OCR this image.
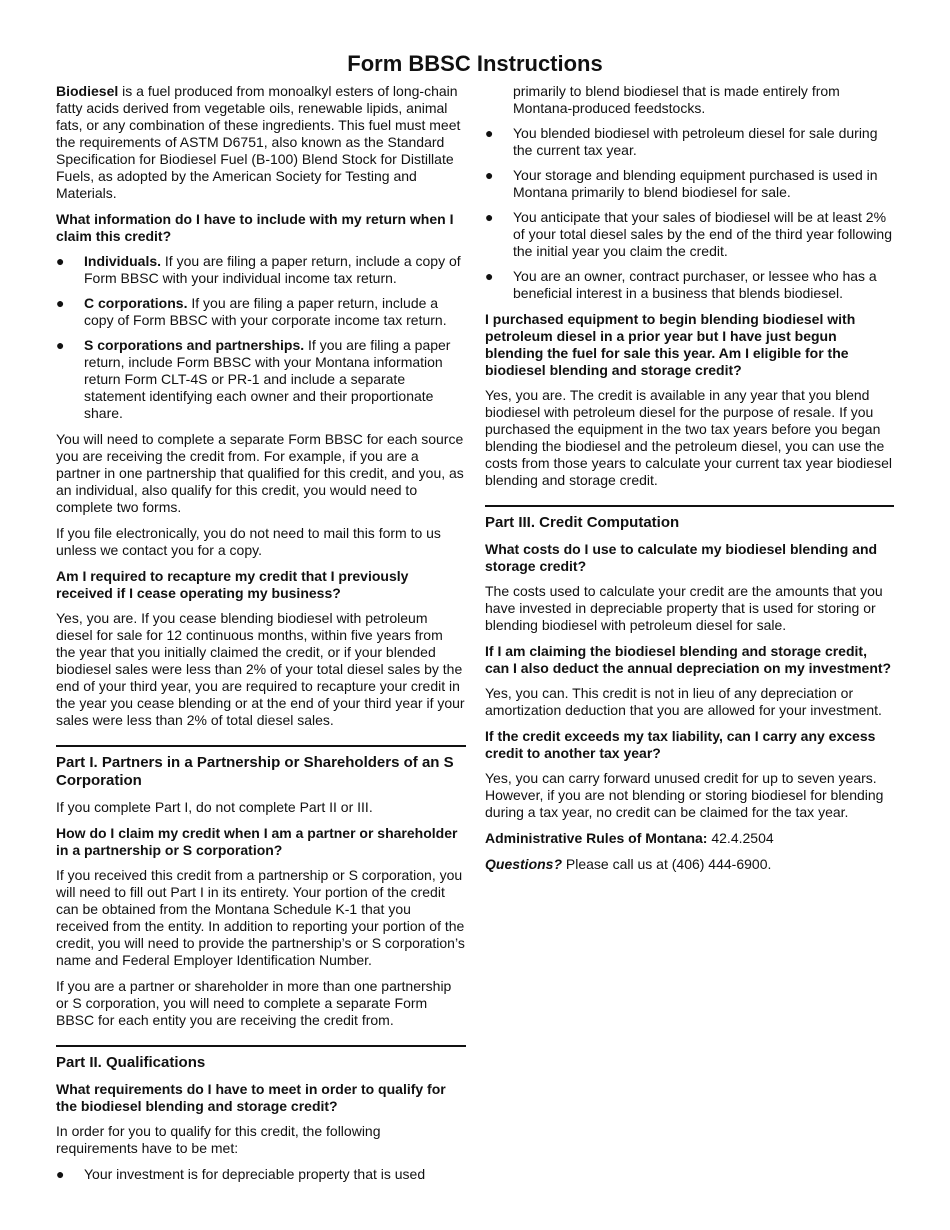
Form BBSC Instructions

Biodiesel is a fuel produced from monoalkyl esters of long-chain fatty acids derived from vegetable oils, renewable lipids, animal fats, or any combination of these ingredients. This fuel must meet the requirements of ASTM D6751, also known as the Standard Specification for Biodiesel Fuel (B-100) Blend Stock for Distillate Fuels, as adopted by the American Society for Testing and Materials.

What information do I have to include with my return when I claim this credit?

●	Individuals. If you are filing a paper return, include a copy of Form BBSC with your individual income tax return.
●	C corporations. If you are filing a paper return, include a copy of Form BBSC with your corporate income tax return.
●	S corporations and partnerships. If you are filing a paper return, include Form BBSC with your Montana information return Form CLT-4S or PR-1 and include a separate statement identifying each owner and their proportionate share.

You will need to complete a separate Form BBSC for each source you are receiving the credit from. For example, if you are a partner in one partnership that qualified for this credit, and you, as an individual, also qualify for this credit, you would need to complete two forms.

If you file electronically, you do not need to mail this form to us unless we contact you for a copy.

Am I required to recapture my credit that I previously received if I cease operating my business?

Yes, you are. If you cease blending biodiesel with petroleum diesel for sale for 12 continuous months, within five years from the year that you initially claimed the credit, or if your blended biodiesel sales were less than 2% of your total diesel sales by the end of your third year, you are required to recapture your credit in the year you cease blending or at the end of your third year if your sales were less than 2% of total diesel sales.

Part I. Partners in a Partnership or Shareholders of an S Corporation

If you complete Part I, do not complete Part II or III.

How do I claim my credit when I am a partner or shareholder in a partnership or S corporation?

If you received this credit from a partnership or S corporation, you will need to fill out Part I in its entirety. Your portion of the credit can be obtained from the Montana Schedule K-1 that you received from the entity. In addition to reporting your portion of the credit, you will need to provide the partnership’s or S corporation’s name and Federal Employer Identification Number.

If you are a partner or shareholder in more than one partnership or S corporation, you will need to complete a separate Form BBSC for each entity you are receiving the credit from.

Part II. Qualifications

What requirements do I have to meet in order to qualify for the biodiesel blending and storage credit?

In order for you to qualify for this credit, the following requirements have to be met:

●	Your investment is for depreciable property that is used
primarily to blend biodiesel that is made entirely from Montana-produced feedstocks.
●	You blended biodiesel with petroleum diesel for sale during the current tax year.
●	Your storage and blending equipment purchased is used in Montana primarily to blend biodiesel for sale.
●	You anticipate that your sales of biodiesel will be at least 2% of your total diesel sales by the end of the third year following the initial year you claim the credit.
●	You are an owner, contract purchaser, or lessee who has a beneficial interest in a business that blends biodiesel.

I purchased equipment to begin blending biodiesel with petroleum diesel in a prior year but I have just begun blending the fuel for sale this year. Am I eligible for the biodiesel blending and storage credit?

Yes, you are. The credit is available in any year that you blend biodiesel with petroleum diesel for the purpose of resale. If you purchased the equipment in the two tax years before you began blending the biodiesel and the petroleum diesel, you can use the costs from those years to calculate your current tax year biodiesel blending and storage credit.

Part III. Credit Computation

What costs do I use to calculate my biodiesel blending and storage credit?

The costs used to calculate your credit are the amounts that you have invested in depreciable property that is used for storing or blending biodiesel with petroleum diesel for sale.

If I am claiming the biodiesel blending and storage credit, can I also deduct the annual depreciation on my investment?

Yes, you can. This credit is not in lieu of any depreciation or amortization deduction that you are allowed for your investment.

If the credit exceeds my tax liability, can I carry any excess credit to another tax year?

Yes, you can carry forward unused credit for up to seven years. However, if you are not blending or storing biodiesel for blending during a tax year, no credit can be claimed for the tax year.

Administrative Rules of Montana: 42.4.2504

Questions? Please call us at (406) 444-6900.
